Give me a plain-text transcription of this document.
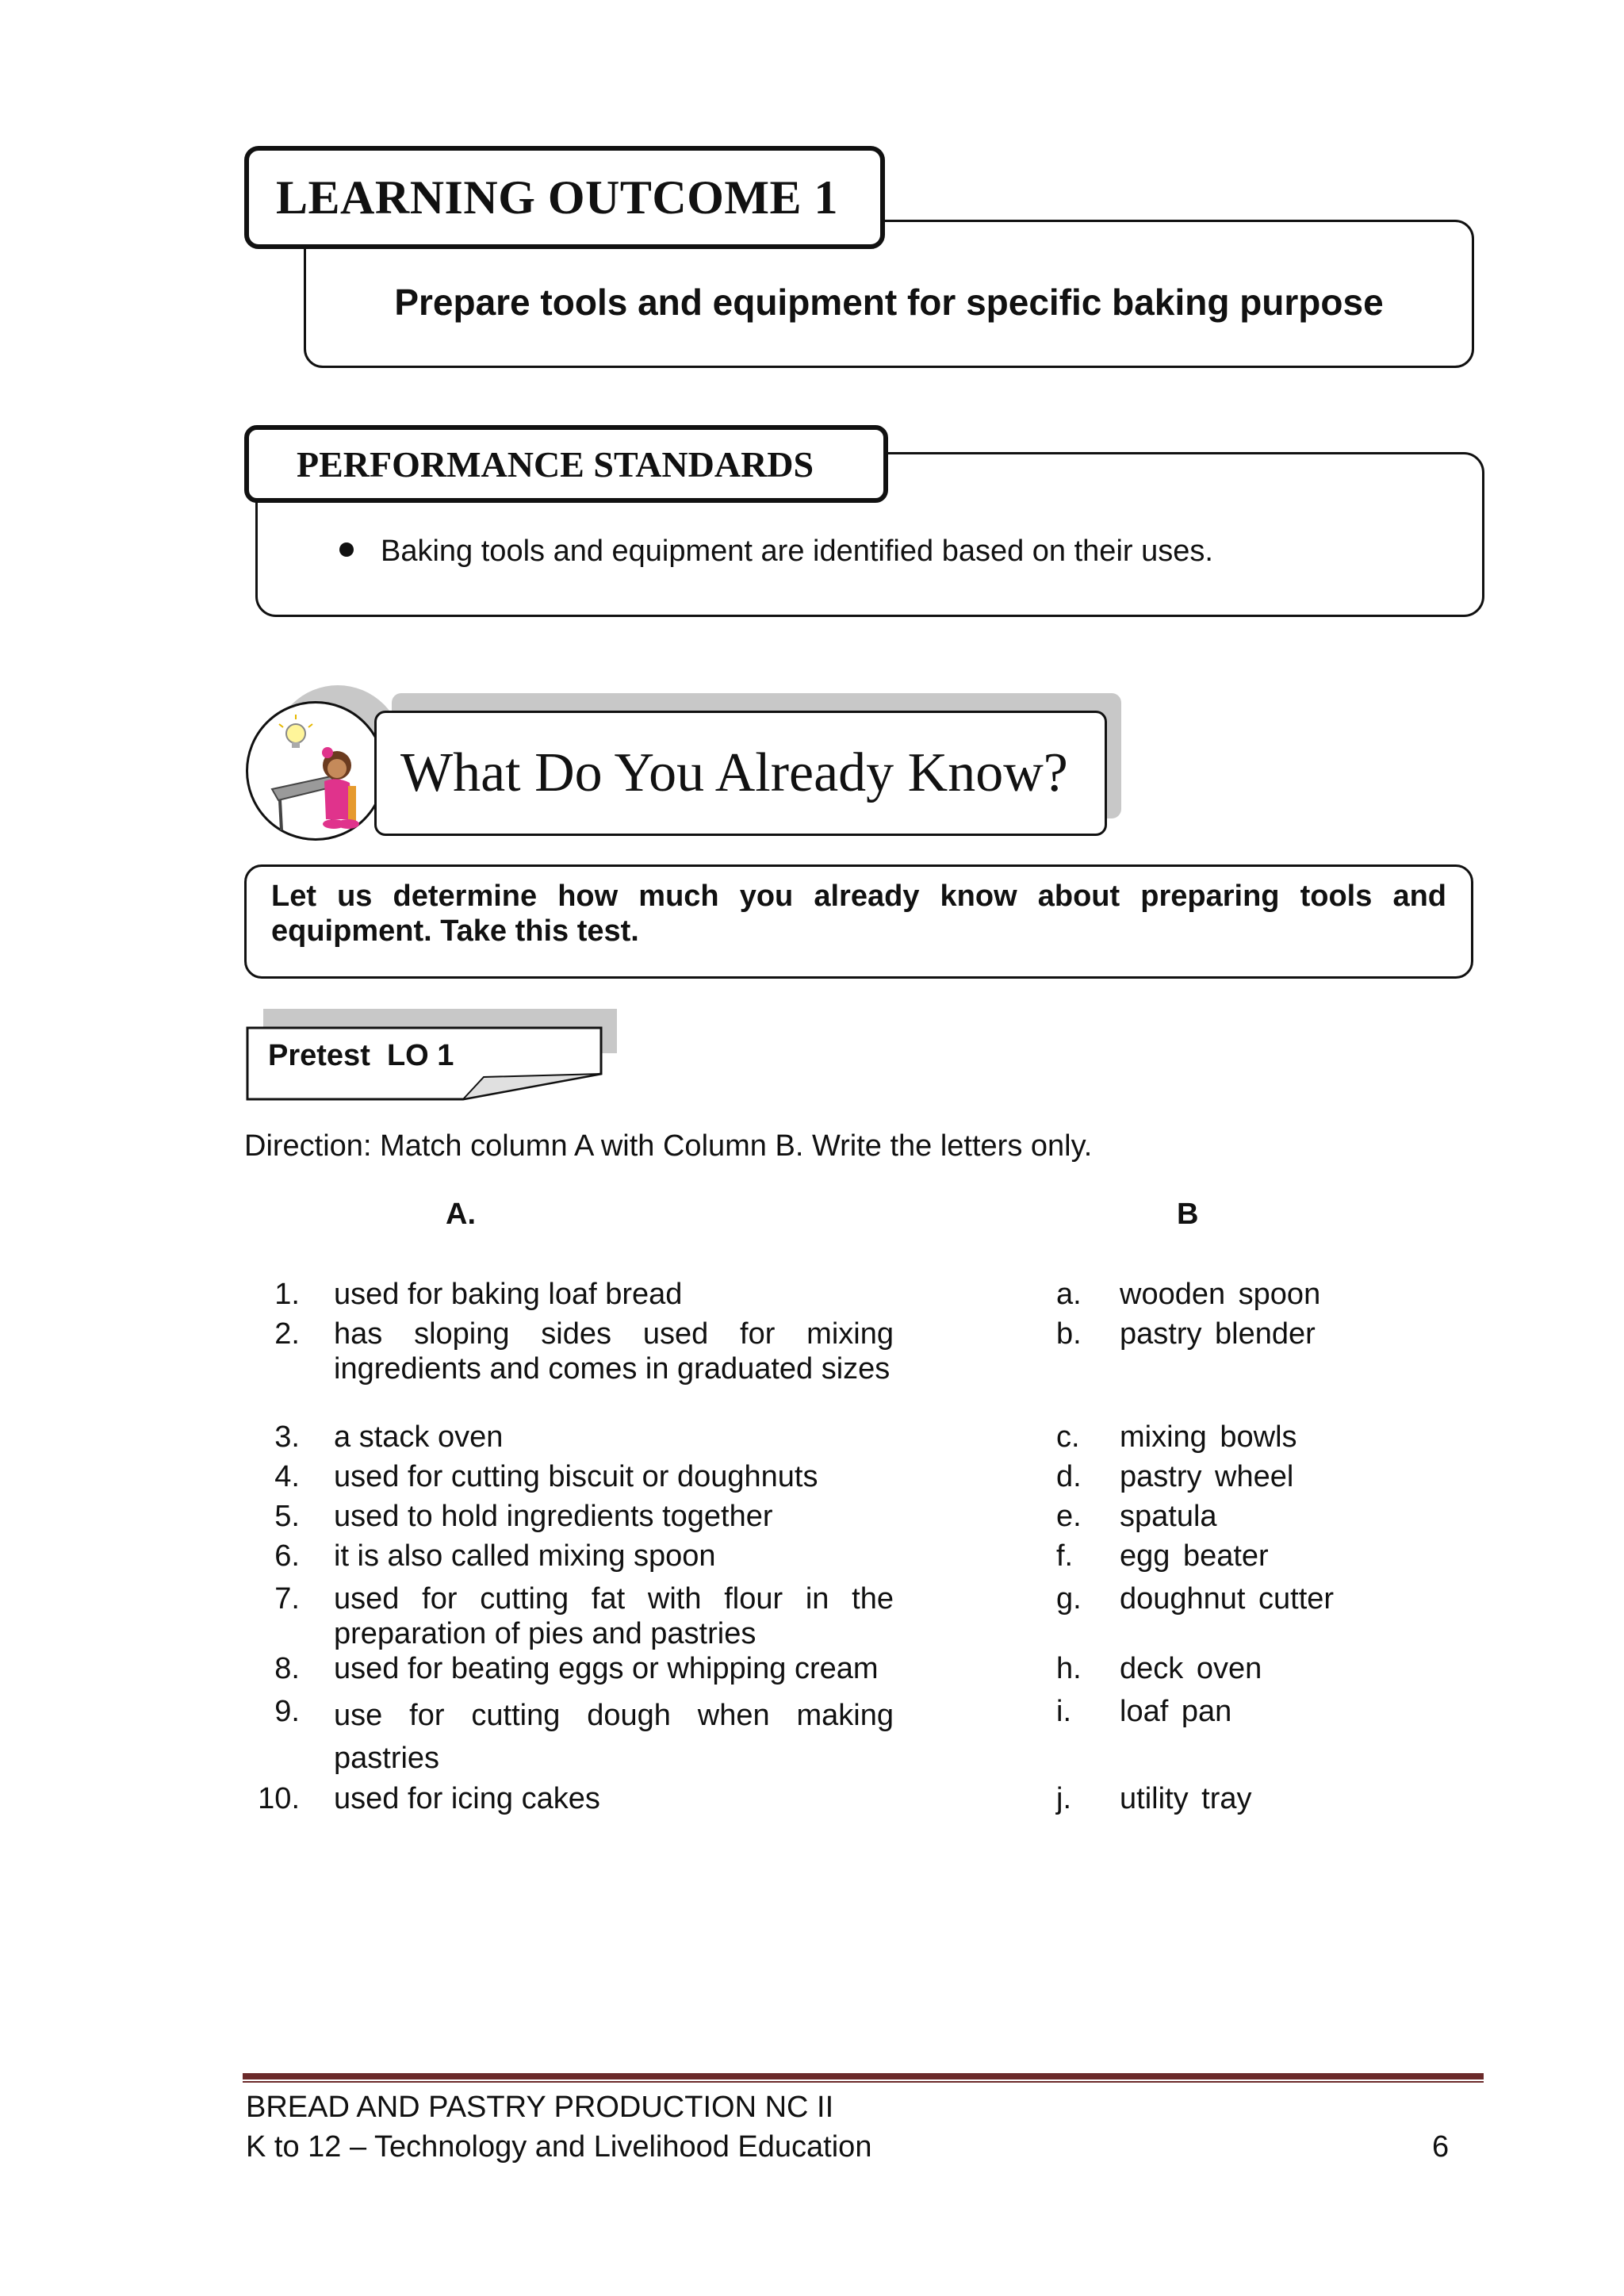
LEARNING OUTCOME 1
Prepare tools and equipment for specific baking purpose
PERFORMANCE STANDARDS
Baking tools and equipment are identified based on their uses.
What Do You Already Know?
Let us determine how much you already know about preparing tools and equipment. Take this test.
Pretest  LO 1
Direction: Match column A with Column B. Write the letters only.
A.	B
1. used for baking loaf bread
2. has sloping sides used for mixing ingredients and comes in graduated sizes
3. a stack oven
4. used for cutting biscuit or doughnuts
5. used to hold ingredients together
6. it is also called mixing spoon
7. used for cutting fat with flour in the preparation of pies and pastries
8. used for beating eggs or whipping cream
9. use for cutting dough when making pastries
10. used for icing cakes
a. wooden spoon
b. pastry blender
c. mixing bowls
d. pastry wheel
e. spatula
f. egg beater
g. doughnut cutter
h. deck oven
i. loaf pan
j. utility tray
BREAD AND PASTRY PRODUCTION NC II
K to 12 – Technology and Livelihood Education	6
